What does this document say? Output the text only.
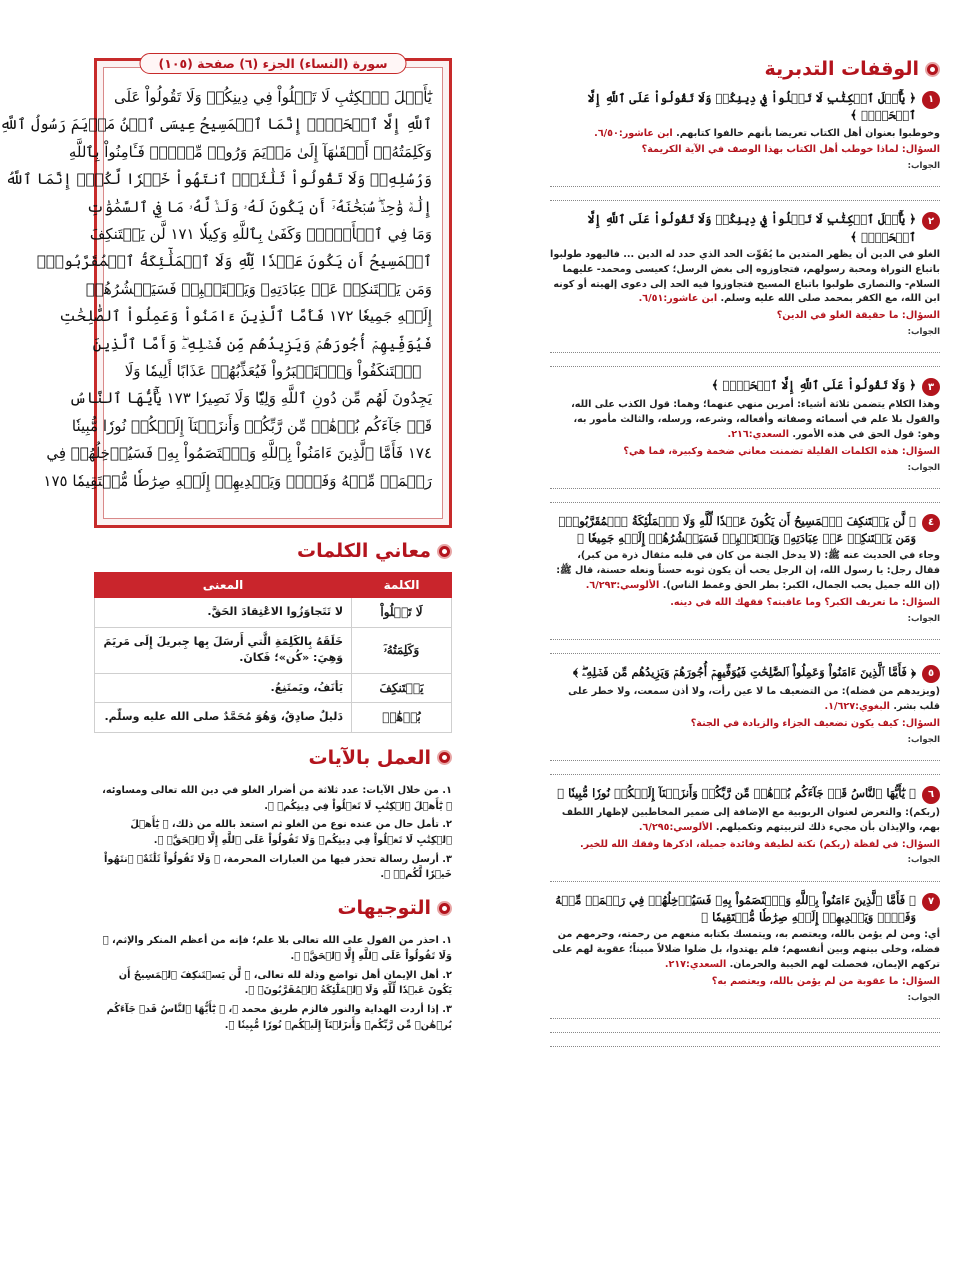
الوقفات التدبرية
١
﴿ يَٰٓأَهۡلَ ٱلۡكِتَٰبِ لَا تَغۡلُواْ فِي دِينِكُمۡ وَلَا تَقُولُواْ عَلَى ٱللَّهِ إِلَّا ٱلۡحَقَّۚ ﴾
وخوطبوا بعنوان أهل الكتاب تعريضا بأنهم خالفوا كتابهم. ابن عاشور:٦/٥٠.
السؤال: لماذا خوطب أهل الكتاب بهذا الوصف في الآية الكريمة؟
الجواب:
٢
﴿ يَٰٓأَهۡلَ ٱلۡكِتَٰبِ لَا تَغۡلُواْ فِي دِينِكُمۡ وَلَا تَقُولُواْ عَلَى ٱللَّهِ إِلَّا ٱلۡحَقَّۚ ﴾
الغلو في الدين أن يظهر المتدين ما يُفَوِّت الحد الذي حدد له الدين ... فاليهود طولبوا باتباع التوراة ومحبة رسولهم، فتجاوزوه إلى بغض الرسل؛ كعيسى ومحمد- عليهما السلام- والنصارى طولبوا باتباع المسيح فتجاوزوا فيه الحد إلى دعوى إلهيته أو كونه ابن الله، مع الكفر بمحمد صلى الله عليه وسلم. ابن عاشور:٦/٥١.
السؤال: ما حقيقة الغلو في الدين؟
الجواب:
٣
﴿ وَلَا تَقُولُواْ عَلَى ٱللَّهِ إِلَّا ٱلۡحَقَّۚ ﴾
وهذا الكلام يتضمن ثلاثة أشياء: أمرين منهي عنهما؛ وهما: قول الكذب على الله، والقول بلا علم في أسمائه وصفاته وأفعاله، وشرعه، ورسله، والثالث مأمور به، وهو: قول الحق في هذه الأمور. السعدي:٢١٦.
السؤال: هذه الكلمات القليلة تضمنت معاني ضخمة وكبيرة، فما هي؟
الجواب:
٤
﴿ لَّن يَسۡتَنكِفَ ٱلۡمَسِيحُ أَن يَكُونَ عَبۡدٗا لِّلَّهِ وَلَا ٱلۡمَلَٰٓئِكَةُ ٱلۡمُقَرَّبُونَۚ وَمَن يَسۡتَنكِفۡ عَنۡ عِبَادَتِهِۦ وَيَسۡتَكۡبِرۡ فَسَيَحۡشُرُهُمۡ إِلَيۡهِ جَمِيعٗا ﴾
وجاء في الحديث عنه ﷺ: (لا يدخل الجنة من كان في قلبه مثقال ذرة من كبر)، فقال رجل: يا رسول الله، إن الرجل يحب أن يكون ثوبه حسناً ونعله حسنة، قال ﷺ: (إن الله جميل يحب الجمال، الكبر: بطر الحق وغمط الناس). الألوسي:٦/٢٩٣.
السؤال: ما تعريف الكبر؟ وما عاقبته؟ فقهك الله في دينه.
الجواب:
٥
﴿ فَأَمَّا ٱلَّذِينَ ءَامَنُواْ وَعَمِلُواْ ٱلصَّٰلِحَٰتِ فَيُوَفِّيهِمۡ أُجُورَهُمۡ وَيَزِيدُهُم مِّن فَضۡلِهِۦۖ ﴾
(ويزيدهم من فضله): من التضعيف ما لا عين رأت، ولا أذن سمعت، ولا خطر على قلب بشر. البغوي:١/٦٢٧.
السؤال: كيف يكون تضعيف الجزاء والزيادة في الجنة؟
الجواب:
٦
﴿ يَٰٓأَيُّهَا ٱلنَّاسُ قَدۡ جَآءَكُم بُرۡهَٰنٞ مِّن رَّبِّكُمۡ وَأَنزَلۡنَآ إِلَيۡكُمۡ نُورٗا مُّبِينٗا ﴾
(ربكم): والتعرض لعنوان الربوبية مع الإضافة إلى ضمير المخاطبين لإظهار اللطف بهم، والإيذان بأن مجيء ذلك لتربيتهم وتكميلهم. الألوسي:٦/٢٩٥.
السؤال: في لفظة (ربكم) نكتة لطيفة وفائدة جميلة، اذكرها وفقك الله للخير.
الجواب:
٧
﴿ فَأَمَّا ٱلَّذِينَ ءَامَنُواْ بِٱللَّهِ وَٱعۡتَصَمُواْ بِهِۦ فَسَيُدۡخِلُهُمۡ فِي رَحۡمَةٖ مِّنۡهُ وَفَضۡلٖ وَيَهۡدِيهِمۡ إِلَيۡهِ صِرَٰطٗا مُّسۡتَقِيمٗا ﴾
أي: ومن لم يؤمن بالله، ويعتصم به، ويتمسك بكتابه منعهم من رحمته، وحرمهم من فضله، وخلى بينهم وبين أنفسهم؛ فلم يهتدوا، بل ضلوا ضلالاً مبيناً؛ عقوبة لهم على تركهم الإيمان، فحصلت لهم الخيبة والحرمان. السعدي:٢١٧.
السؤال: ما عقوبة من لم يؤمن بالله، ويعتصم به؟
الجواب:
سورة (النساء) الجزء (٦) صفحة (١٠٥)
يَٰٓأَهۡلَ ٱلۡكِتَٰبِ لَا تَغۡلُواْ فِي دِينِكُمۡ وَلَا تَقُولُواْ عَلَى
ٱللَّهِ إِلَّا ٱلۡحَقَّۚ إِنَّمَا ٱلۡمَسِيحُ عِيسَى ٱبۡنُ مَرۡيَمَ رَسُولُ ٱللَّهِ
وَكَلِمَتُهُۥٓ أَلۡقَىٰهَآ إِلَىٰ مَرۡيَمَ وَرُوحٞ مِّنۡهُۖ فَـَٔامِنُواْ بِٱللَّهِ
وَرُسُلِهِۦۖ وَلَا تَقُولُواْ ثَلَٰثَةٌۚ ٱنتَهُواْ خَيۡرٗا لَّكُمۡۚ إِنَّمَا ٱللَّهُ
إِلَٰهٞ وَٰحِدٞۖ سُبۡحَٰنَهُۥٓ أَن يَكُونَ لَهُۥ وَلَدٞۘ لَّهُۥ مَا فِي ٱلسَّمَٰوَٰتِ
وَمَا فِي ٱلۡأَرۡضِۗ وَكَفَىٰ بِٱللَّهِ وَكِيلٗا ١٧١ لَّن يَسۡتَنكِفَ
ٱلۡمَسِيحُ أَن يَكُونَ عَبۡدٗا لِّلَّهِ وَلَا ٱلۡمَلَٰٓئِكَةُ ٱلۡمُقَرَّبُونَۚ
وَمَن يَسۡتَنكِفۡ عَنۡ عِبَادَتِهِۦ وَيَسۡتَكۡبِرۡ فَسَيَحۡشُرُهُمۡ
إِلَيۡهِ جَمِيعٗا ١٧٢ فَأَمَّا ٱلَّذِينَ ءَامَنُواْ وَعَمِلُواْ ٱلصَّٰلِحَٰتِ
فَيُوَفِّيهِمۡ أُجُورَهُمۡ وَيَزِيدُهُم مِّن فَضۡلِهِۦۖ وَأَمَّا ٱلَّذِينَ
ٱسۡتَنكَفُواْ وَٱسۡتَكۡبَرُواْ فَيُعَذِّبُهُمۡ عَذَابًا أَلِيمٗا وَلَا
يَجِدُونَ لَهُم مِّن دُونِ ٱللَّهِ وَلِيّٗا وَلَا نَصِيرٗا ١٧٣ يَٰٓأَيُّهَا ٱلنَّاسُ
قَدۡ جَآءَكُم بُرۡهَٰنٞ مِّن رَّبِّكُمۡ وَأَنزَلۡنَآ إِلَيۡكُمۡ نُورٗا مُّبِينٗا
١٧٤ فَأَمَّا ٱلَّذِينَ ءَامَنُواْ بِٱللَّهِ وَٱعۡتَصَمُواْ بِهِۦ فَسَيُدۡخِلُهُمۡ فِي
رَحۡمَةٖ مِّنۡهُ وَفَضۡلٖ وَيَهۡدِيهِمۡ إِلَيۡهِ صِرَٰطٗا مُّسۡتَقِيمٗا ١٧٥
معاني الكلمات
الكلمة	المعنى
لَا تَغۡلُواْ	لا تَتَجاوَزُوا الاعْتِقادَ الحَقَّ.
وَكَلِمَتُهُۥٓ	خَلَقَهُ بِالكَلِمَةِ الَّتي أَرسَلَ بِها جِبريلَ إِلَى مَريَمَ وَهِيَ: «كُن»؛ فَكانَ.
يَسۡتَنكِفَ	يَأنَفُ، ويَمتَنِعُ.
بُرۡهَٰنٞ	دَليلٌ صادِقٌ، وَهُوَ مُحَمَّدٌ صلى الله عليه وسلّم.
العمل بالآيات

١. من خلال الآيات: عدد ثلاثة من أضرار الغلو في دين الله تعالى ومساوئه، ﴿ يَٰٓأَهۡلَ ٱلۡكِتَٰبِ لَا تَغۡلُواْ فِي دِينِكُمۡ ﴾.

٢. تأمل حال من عنده نوع من الغلو ثم استعذ بالله من ذلك، ﴿ يَٰٓأَهۡلَ ٱلۡكِتَٰبِ لَا تَغۡلُواْ فِي دِينِكُمۡ وَلَا تَقُولُواْ عَلَى ٱللَّهِ إِلَّا ٱلۡحَقَّۚ ﴾.

٣. أرسل رسالة تحذر فيها من العبارات المحرمة، ﴿ وَلَا تَقُولُواْ ثَلَٰثَةٌۚ ٱنتَهُواْ خَيۡرٗا لَّكُمۡۚ ﴾.

التوجيهات

١. احذر من القول على الله تعالى بلا علم؛ فإنه من أعظم المنكر والإثم، ﴿ وَلَا تَقُولُواْ عَلَى ٱللَّهِ إِلَّا ٱلۡحَقَّۚ ﴾.

٢. أهل الإيمان أهل تواضع وذلة لله تعالى، ﴿ لَّن يَسۡتَنكِفَ ٱلۡمَسِيحُ أَن يَكُونَ عَبۡدٗا لِّلَّهِ وَلَا ٱلۡمَلَٰٓئِكَةُ ٱلۡمُقَرَّبُونَۚ ﴾.

٣. إذا أردت الهداية والنور فالزم طريق محمد ﷺ، ﴿ يَٰٓأَيُّهَا ٱلنَّاسُ قَدۡ جَآءَكُم بُرۡهَٰنٞ مِّن رَّبِّكُمۡ وَأَنزَلۡنَآ إِلَيۡكُمۡ نُورٗا مُّبِينٗا ﴾.
